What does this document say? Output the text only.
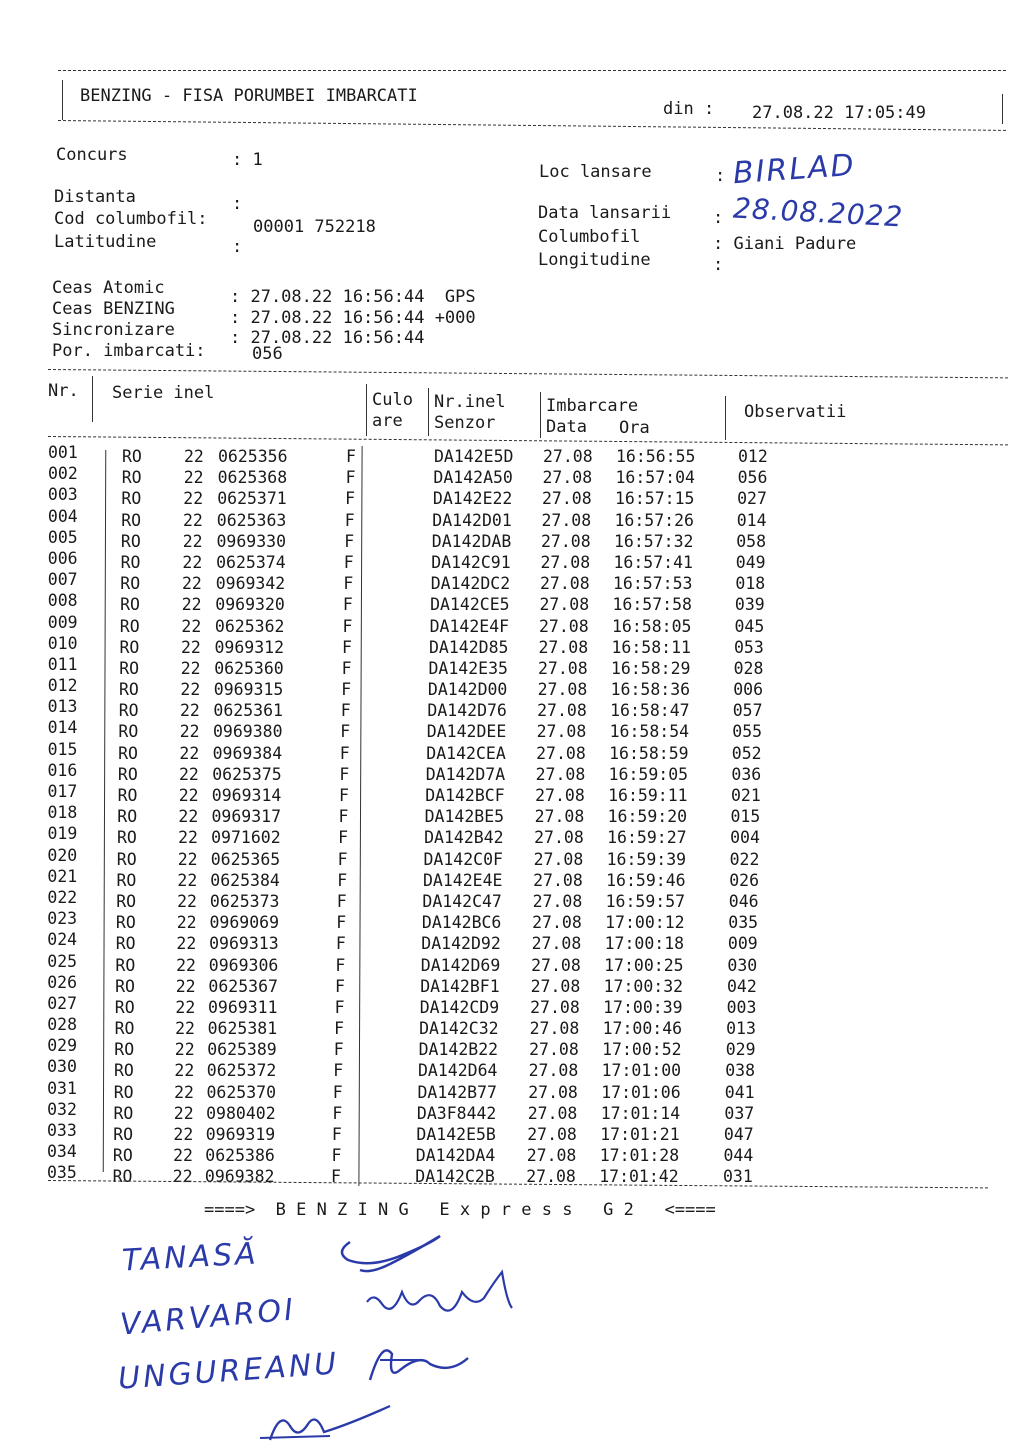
BENZING - FISA PORUMBEI IMBARCATI
din : 27.08.22 17:05:49
Concurs	: 1
Distanta	:
Cod columbofil:	00001 752218
Latitudine	:
Loc lansare	: BIRLAD
Data lansarii : 28.08.2022
Columbofil	: Giani Padure
Longitudine	:
Ceas Atomic	: 27.08.22 16:56:44  GPS
Ceas BENZING	: 27.08.22 16:56:44 +000
Sincronizare	: 27.08.22 16:56:44
Por. imbarcati:	056
Nr. Serie inel	Culo
are
Nr.inel
Senzor
Imbarcare
Data Ora
Observatii
001	RO	22 0625356	F	DA142E5D 27.08 16:56:55	012
002	RO	22 0625368	F	DA142A50 27.08 16:57:04	056
003	RO	22 0625371	F	DA142E22 27.08 16:57:15	027
004	RO	22 0625363	F	DA142D01 27.08 16:57:26	014
005	RO	22 0969330	F	DA142DAB 27.08 16:57:32	058
006	RO	22 0625374	F	DA142C91 27.08 16:57:41	049
007	RO	22 0969342	F	DA142DC2 27.08 16:57:53	018
008	RO	22 0969320	F	DA142CE5 27.08 16:57:58	039
009	RO	22 0625362	F	DA142E4F 27.08 16:58:05	045
010	RO	22 0969312	F	DA142D85 27.08 16:58:11	053
011	RO	22 0625360	F	DA142E35 27.08 16:58:29	028
012	RO	22 0969315	F	DA142D00 27.08 16:58:36	006
013	RO	22 0625361	F	DA142D76 27.08 16:58:47	057
014 RO	22 0969380	F	DA142DEE 27.08 16:58:54	055
015 RO	22 0969384	F	DA142CEA 27.08 16:58:59	052
016 RO 22 0625375	F	DA142D7A 27.08 16:59:05	036
017 RO 22 0969314	F	DA142BCF 27.08 16:59:11	021
018 RO 22 0969317	F	DA142BE5 27.08 16:59:20	015
019 RO 22 0971602	F	DA142B42 27.08 16:59:27	004
020 RO 22 0625365	F	DA142C0F 27.08 16:59:39	022
021 RO 22 0625384	F	DA142E4E 27.08 16:59:46	026
022 RO 22 0625373	F	DA142C47 27.08 16:59:57	046
023 RO 22 0969069	F	DA142BC6 27.08 17:00:12	035
024 RO 22 0969313	F	DA142D92 27.08 17:00:18	009
025 RO 22 0969306	F	DA142D69 27.08 17:00:25	030
026 RO 22 0625367	F	DA142BF1 27.08 17:00:32	042
027 RO 22 0969311	F	DA142CD9 27.08 17:00:39	003
028 RO 22 0625381	F	DA142C32 27.08 17:00:46	013
029 RO 22 0625389	F	DA142B22 27.08 17:00:52	029
030 RO 22 0625372	F	DA142D64 27.08 17:01:00	038
031 RO 22 0625370	F	DA142B77 27.08 17:01:06	041
032 RO 22 0980402	F	DA3F8442 27.08 17:01:14	037
033 RO 22 0969319	F	DA142E5B 27.08 17:01:21	047
034 RO 22 0625386	F	DA142DA4 27.08 17:01:28	044
035 RO 22 0969382	F	DA142C2B 27.08 17:01:42	031
====>  B E N Z I N G   E x p r e s s   G 2   <====
TANASĂ
VARVAROI
UNGUREANU
